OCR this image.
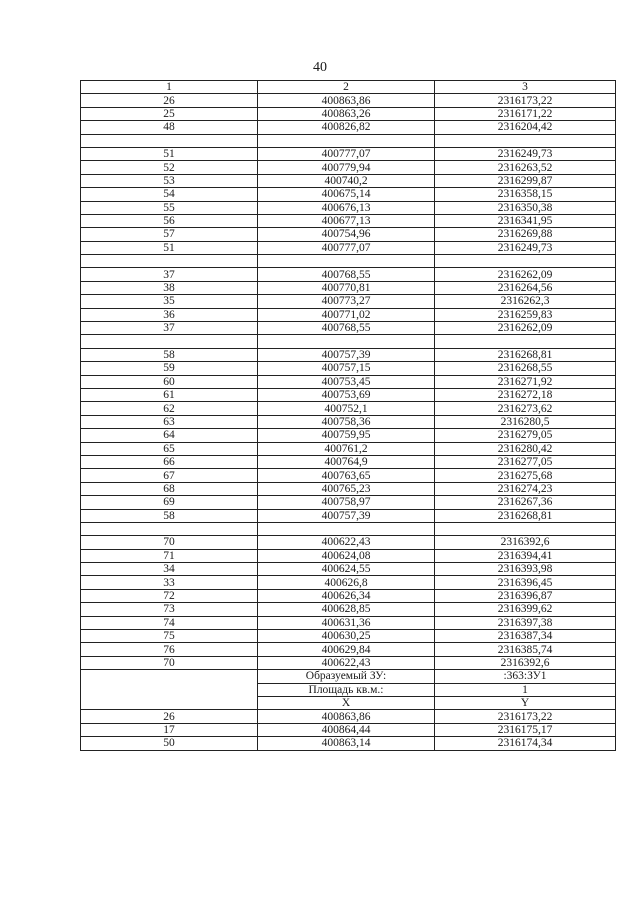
40
1	2	3
26	400863,86	2316173,22
25	400863,26	2316171,22
48	400826,82	2316204,42

51	400777,07	2316249,73
52	400779,94	2316263,52
53	400740,2	2316299,87
54	400675,14	2316358,15
55	400676,13	2316350,38
56	400677,13	2316341,95
57	400754,96	2316269,88
51	400777,07	2316249,73

37	400768,55	2316262,09
38	400770,81	2316264,56
35	400773,27	2316262,3
36	400771,02	2316259,83
37	400768,55	2316262,09

58	400757,39	2316268,81
59	400757,15	2316268,55
60	400753,45	2316271,92
61	400753,69	2316272,18
62	400752,1	2316273,62
63	400758,36	2316280,5
64	400759,95	2316279,05
65	400761,2	2316280,42
66	400764,9	2316277,05
67	400763,65	2316275,68
68	400765,23	2316274,23
69	400758,97	2316267,36
58	400757,39	2316268,81

70	400622,43	2316392,6
71	400624,08	2316394,41
34	400624,55	2316393,98
33	400626,8	2316396,45
72	400626,34	2316396,87
73	400628,85	2316399,62
74	400631,36	2316397,38
75	400630,25	2316387,34
76	400629,84	2316385,74
70	400622,43	2316392,6
	Образуемый ЗУ:	:363:ЗУ1
	Площадь кв.м.:	1
	X	Y
26	400863,86	2316173,22
17	400864,44	2316175,17
50	400863,14	2316174,34
